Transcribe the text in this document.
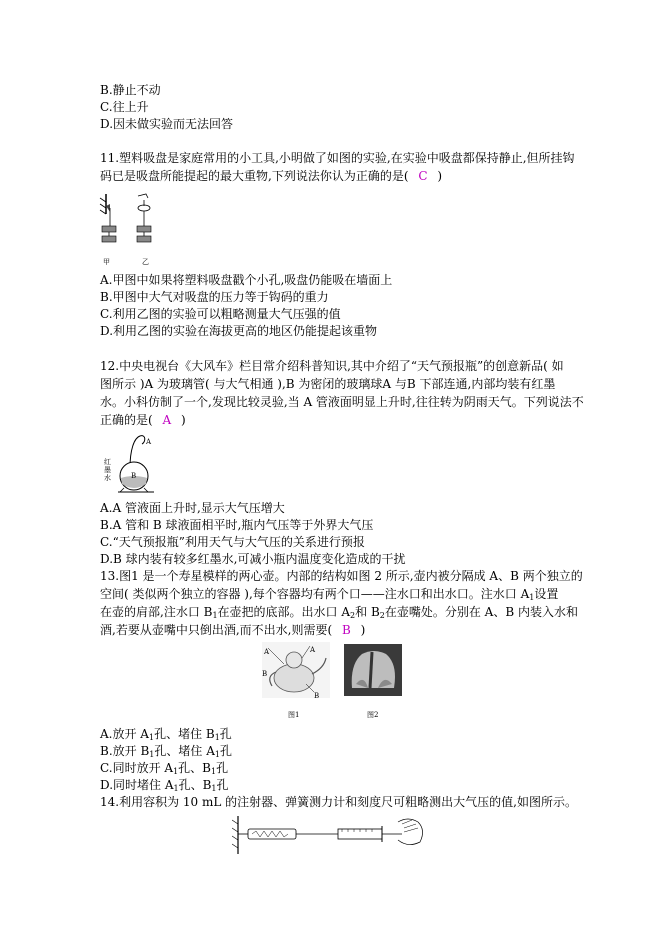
B.静止不动
C.往上升
D.因未做实验而无法回答
11.塑料吸盘是家庭常用的小工具,小明做了如图的实验,在实验中吸盘都保持静止,但所挂钩
码已是吸盘所能提起的最大重物,下列说法你认为正确的是( C )
甲	乙
A.甲图中如果将塑料吸盘戳个小孔,吸盘仍能吸在墙面上
B.甲图中大气对吸盘的压力等于钩码的重力
C.利用乙图的实验可以粗略测量大气压强的值
D.利用乙图的实验在海拔更高的地区仍能提起该重物
12.中央电视台《大风车》栏目常介绍科普知识,其中介绍了“天气预报瓶”的创意新品( 如
图所示 )A 为玻璃管( 与大气相通 ),B 为密闭的玻璃球A 与B 下部连通,内部均装有红墨
水。小科仿制了一个,发现比较灵验,当 A 管液面明显上升时,往往转为阴雨天气。下列说法不
正确的是( A )
A
B
红
墨
水
A.A 管液面上升时,显示大气压增大
B.A 管和 B 球液面相平时,瓶内气压等于外界大气压
C.“天气预报瓶”利用天气与大气压的关系进行预报
D.B 球内装有较多红墨水,可减小瓶内温度变化造成的干扰
13.图1 是一个寿星模样的两心壶。内部的结构如图 2 所示,壶内被分隔成 A、B 两个独立的
空间( 类似两个独立的容器 ),每个容器均有两个口——注水口和出水口。注水口 $A_1$设置
在壶的肩部,注水口 $B_1$在壶把的底部。出水口 $A_2$和 $B_2$在壶嘴处。分别在 A、B 内装入水和
酒,若要从壶嘴中只倒出酒,而不出水,则需要( B )
A	A
B
B
图1	图2
A.放开 $A_1$孔、堵住 $B_1$孔
B.放开 $B_1$孔、堵住 $A_1$孔
C.同时放开 $A_1$孔、$B_1$孔
D.同时堵住 $A_1$孔、$B_1$孔
14.利用容积为 10 mL 的注射器、弹簧测力计和刻度尺可粗略测出大气压的值,如图所示。
